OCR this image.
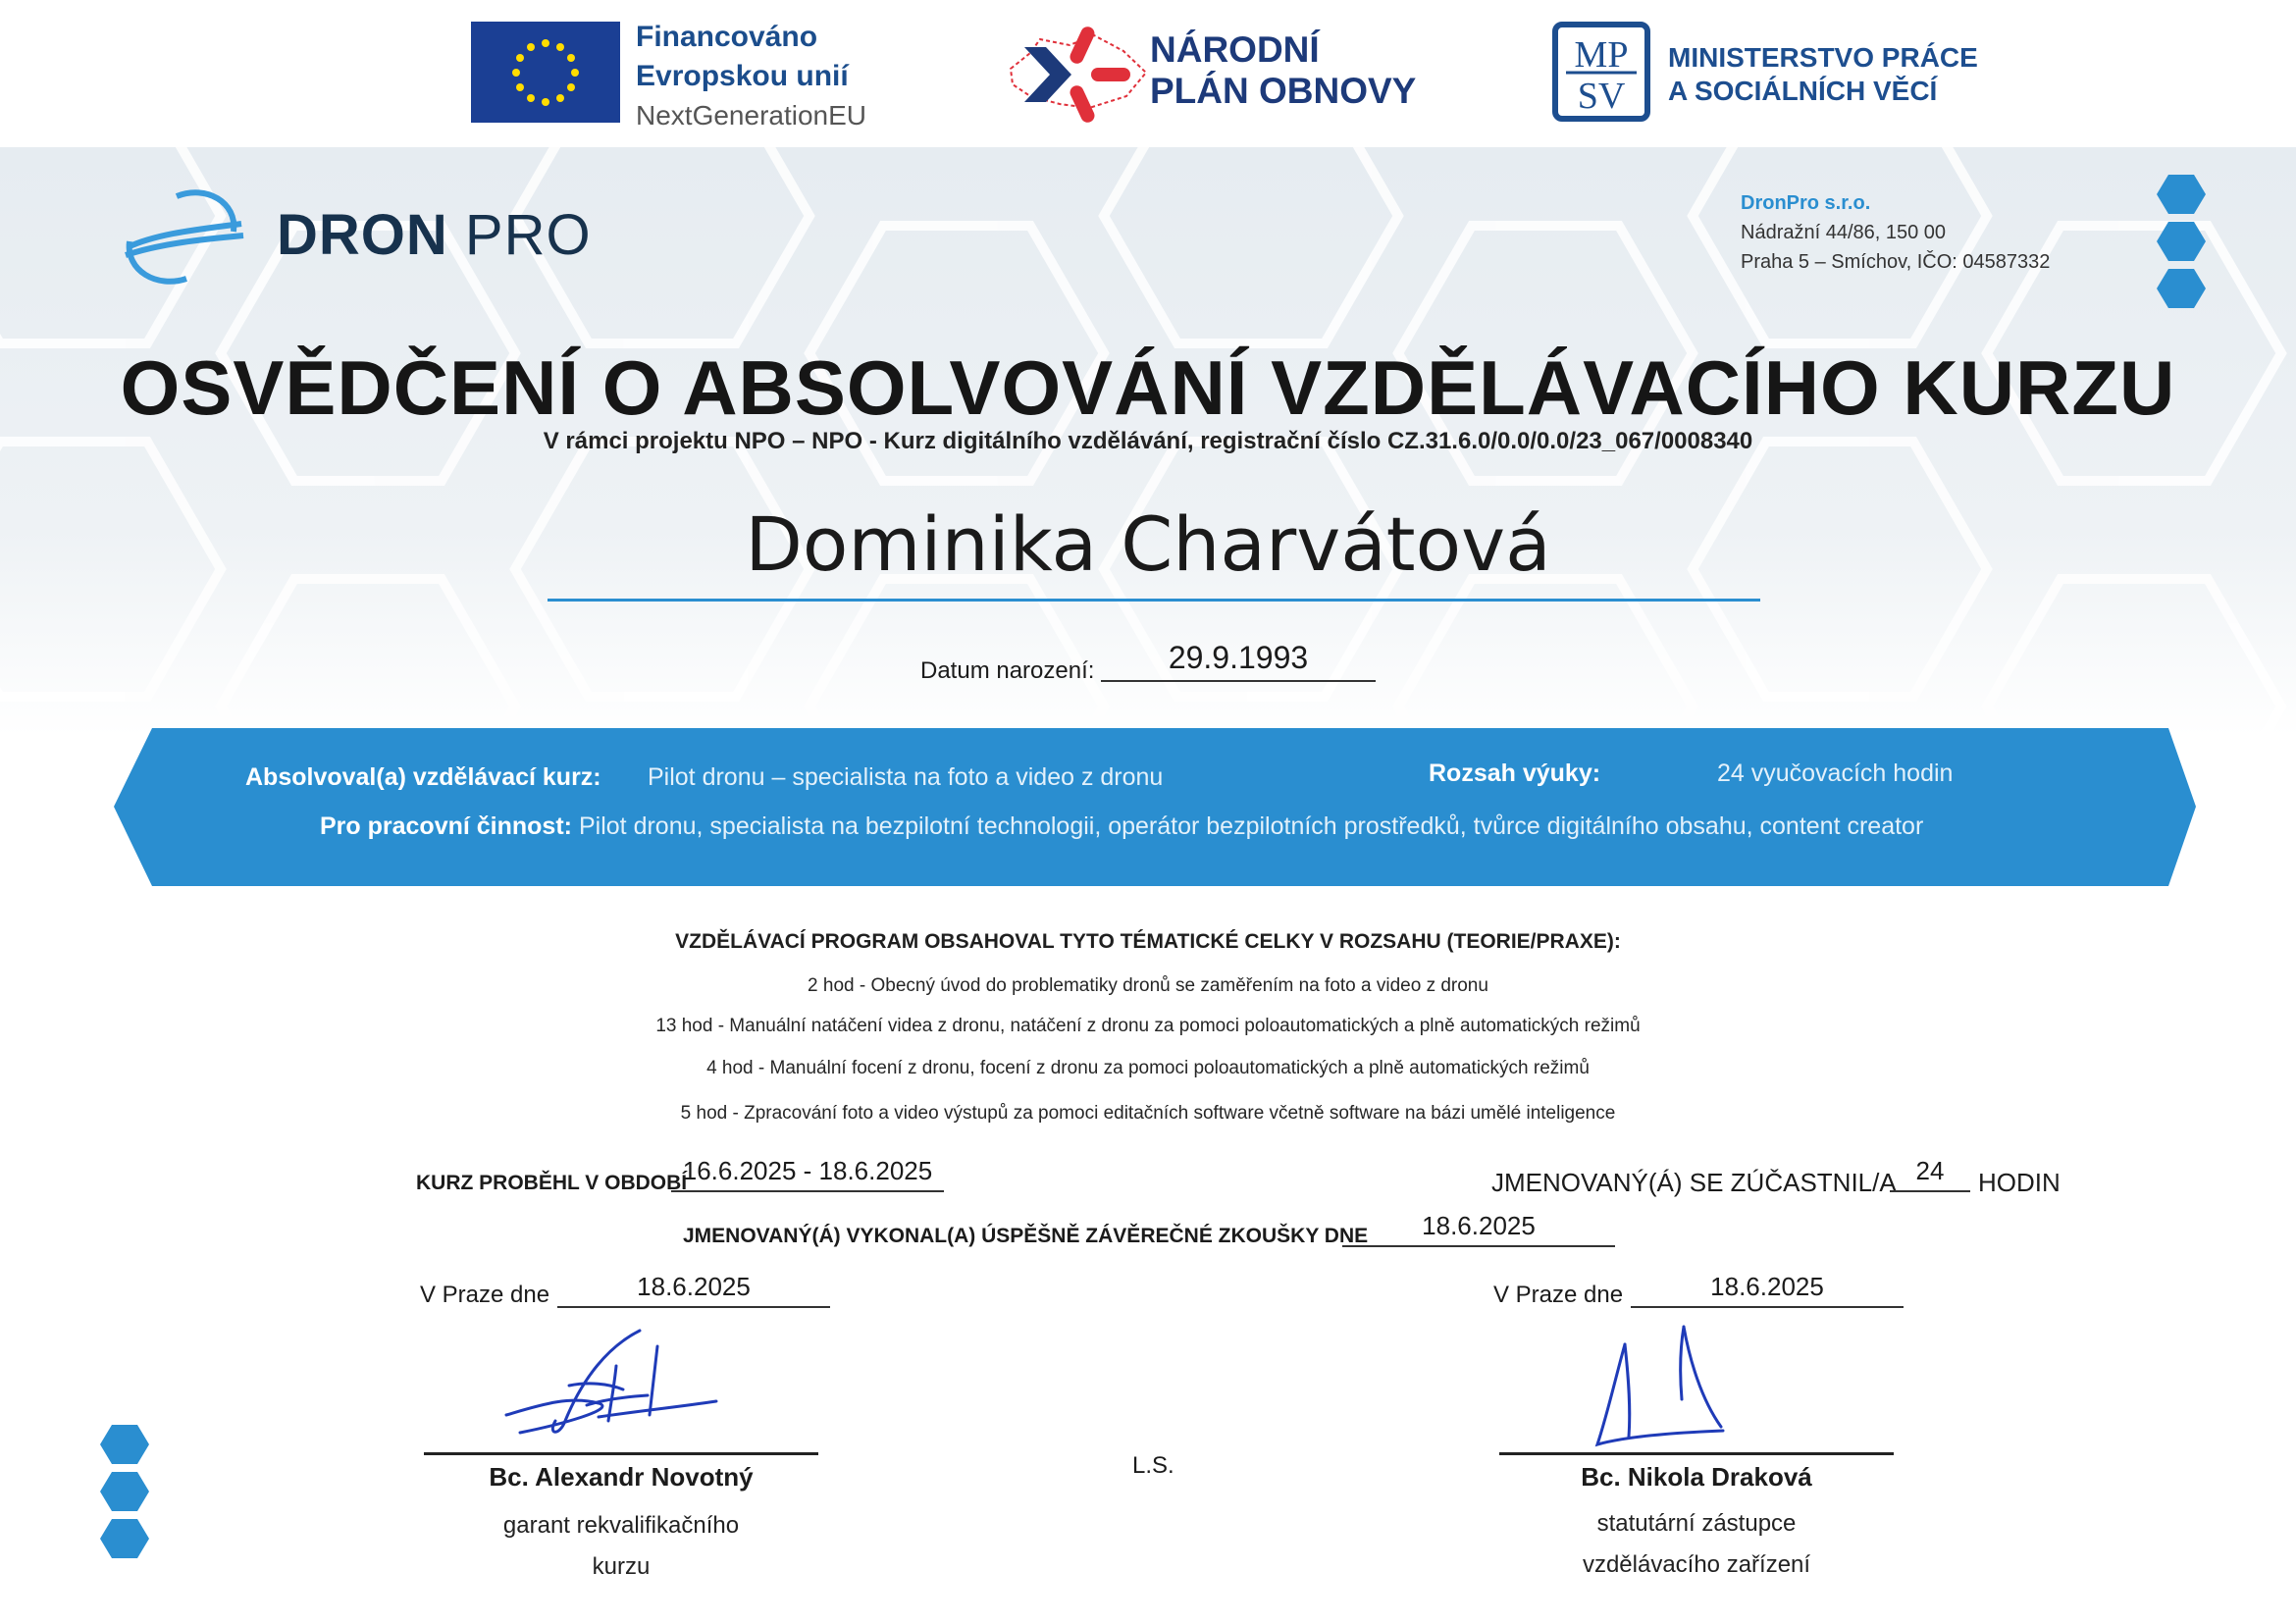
Financováno
Evropskou unií
NextGenerationEU
NÁRODNÍ
PLÁN OBNOVY
MP
SV
MINISTERSTVO PRÁCE
A SOCIÁLNÍCH VĚCÍ
DRON PRO	DronPro s.r.o.
Nádražní 44/86, 150 00
Praha 5 – Smíchov, IČO: 04587332
OSVĚDČENÍ O ABSOLVOVÁNÍ VZDĚLÁVACÍHO KURZU
V rámci projektu NPO – NPO - Kurz digitálního vzdělávání, registrační číslo CZ.31.6.0/0.0/0.0/23_067/0008340
Dominika Charvátová
Datum narození:	29.9.1993
Absolvoval(a) vzdělávací kurz: Pilot dronu – specialista na foto a video z dronu	Rozsah výuky:	24 vyučovacích hodin
Pro pracovní činnost: Pilot dronu, specialista na bezpilotní technologii, operátor bezpilotních prostředků, tvůrce digitálního obsahu, content creator
VZDĚLÁVACÍ PROGRAM OBSAHOVAL TYTO TÉMATICKÉ CELKY V ROZSAHU (TEORIE/PRAXE):
2 hod - Obecný úvod do problematiky dronů se zaměřením na foto a video z dronu
13 hod - Manuální natáčení videa z dronu, natáčení z dronu za pomoci poloautomatických a plně automatických režimů
4 hod - Manuální focení z dronu, focení z dronu za pomoci poloautomatických a plně automatických režimů
5 hod - Zpracování foto a video výstupů za pomoci editačních software včetně software na bázi umělé inteligence
KURZ PROBĚHL V OBDOBÍ
16.6.2025 - 18.6.2025	JMENOVANÝ(Á) SE ZÚČASTNIL/A 24	HODIN
JMENOVANÝ(Á) VYKONAL(A) ÚSPĚŠNĚ ZÁVĚREČNÉ ZKOUŠKY DNE	18.6.2025
V Praze dne	18.6.2025
Bc. Alexandr Novotný
garant rekvalifikačního
kurzu
L.S.
V Praze dne	18.6.2025
Bc. Nikola Draková
statutární zástupce
vzdělávacího zařízení
